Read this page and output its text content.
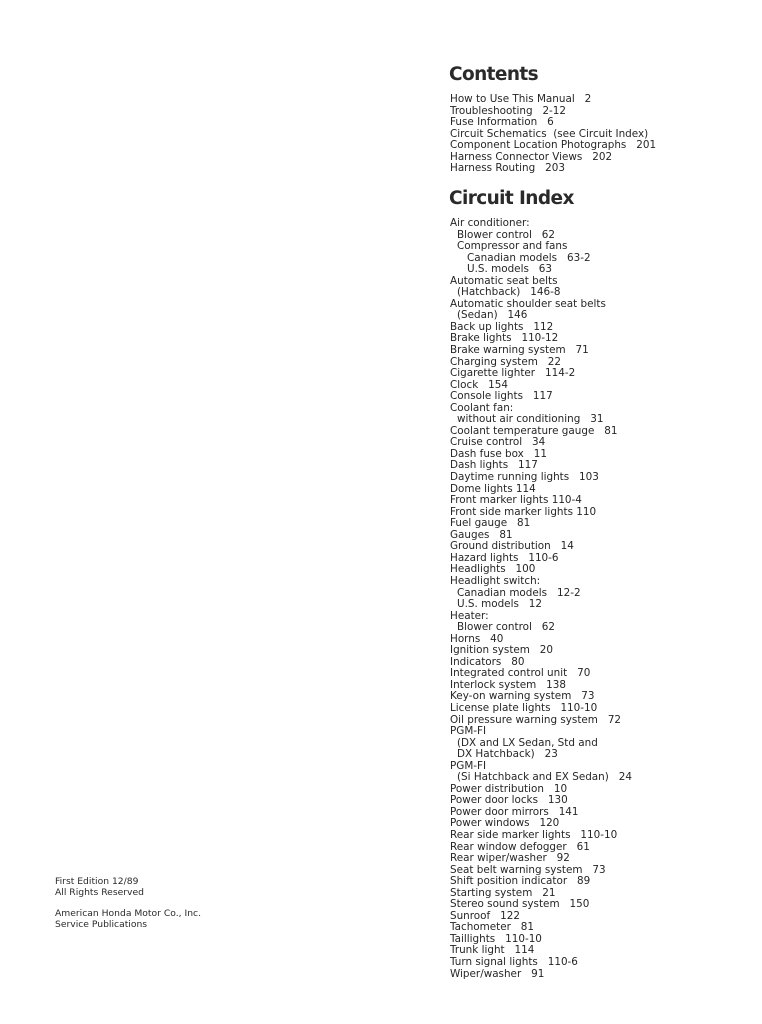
Contents
How to Use This Manual   2
Troubleshooting   2-12
Fuse Information   6
Circuit Schematics  (see Circuit Index)
Component Location Photographs   201
Harness Connector Views   202
Harness Routing   203
Circuit Index
Air conditioner:
Blower control   62
Compressor and fans
Canadian models   63-2
U.S. models   63
Automatic seat belts
(Hatchback)   146-8
Automatic shoulder seat belts
(Sedan)   146
Back up lights   112
Brake lights   110-12
Brake warning system   71
Charging system   22
Cigarette lighter   114-2
Clock   154
Console lights   117
Coolant fan:
without air conditioning   31
Coolant temperature gauge   81
Cruise control   34
Dash fuse box   11
Dash lights   117
Daytime running lights   103
Dome lights 114
Front marker lights 110-4
Front side marker lights 110
Fuel gauge   81
Gauges   81
Ground distribution   14
Hazard lights   110-6
Headlights   100
Headlight switch:
Canadian models   12-2
U.S. models   12
Heater:
Blower control   62
Horns   40
Ignition system   20
Indicators   80
Integrated control unit   70
Interlock system   138
Key-on warning system   73
License plate lights   110-10
Oil pressure warning system   72
PGM-FI
(DX and LX Sedan, Std and
DX Hatchback)   23
PGM-FI
(Si Hatchback and EX Sedan)   24
Power distribution   10
Power door locks   130
Power door mirrors   141
Power windows   120
Rear side marker lights   110-10
Rear window defogger   61
Rear wiper/washer   92
Seat belt warning system   73
Shift position indicator   89
Starting system   21
Stereo sound system   150
Sunroof   122
Tachometer   81
Taillights   110-10
Trunk light   114
Turn signal lights   110-6
Wiper/washer   91
First Edition 12/89
All Rights Reserved
American Honda Motor Co., Inc.
Service Publications
